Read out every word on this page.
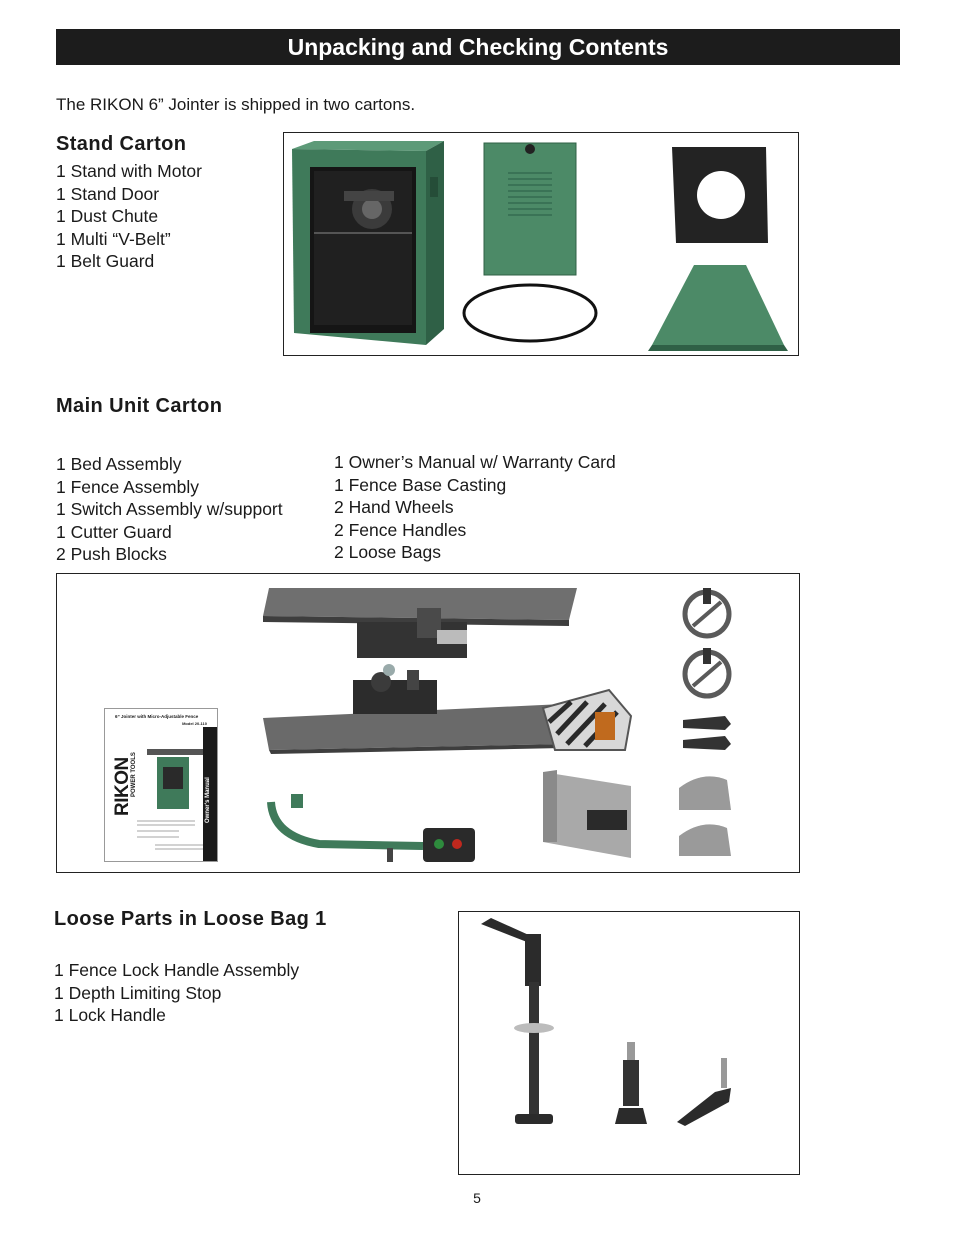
Unpacking and Checking Contents
The RIKON 6” Jointer is shipped in two cartons.
Stand Carton
1 Stand with Motor
1 Stand Door
1 Dust Chute
1 Multi “V-Belt”
1 Belt Guard
Main Unit Carton
1 Bed Assembly
1 Fence Assembly
1 Switch Assembly w/support
1 Cutter Guard
2 Push Blocks
1 Owner’s Manual w/ Warranty Card
1 Fence Base Casting
2 Hand Wheels
2 Fence Handles
2 Loose Bags
6” Jointer with Micro-Adjustable Fence
Model 20-110
RIKON
POWER TOOLS
Owner's Manual
Loose Parts in Loose Bag 1
1 Fence Lock Handle Assembly
1 Depth Limiting Stop
1 Lock Handle
5
